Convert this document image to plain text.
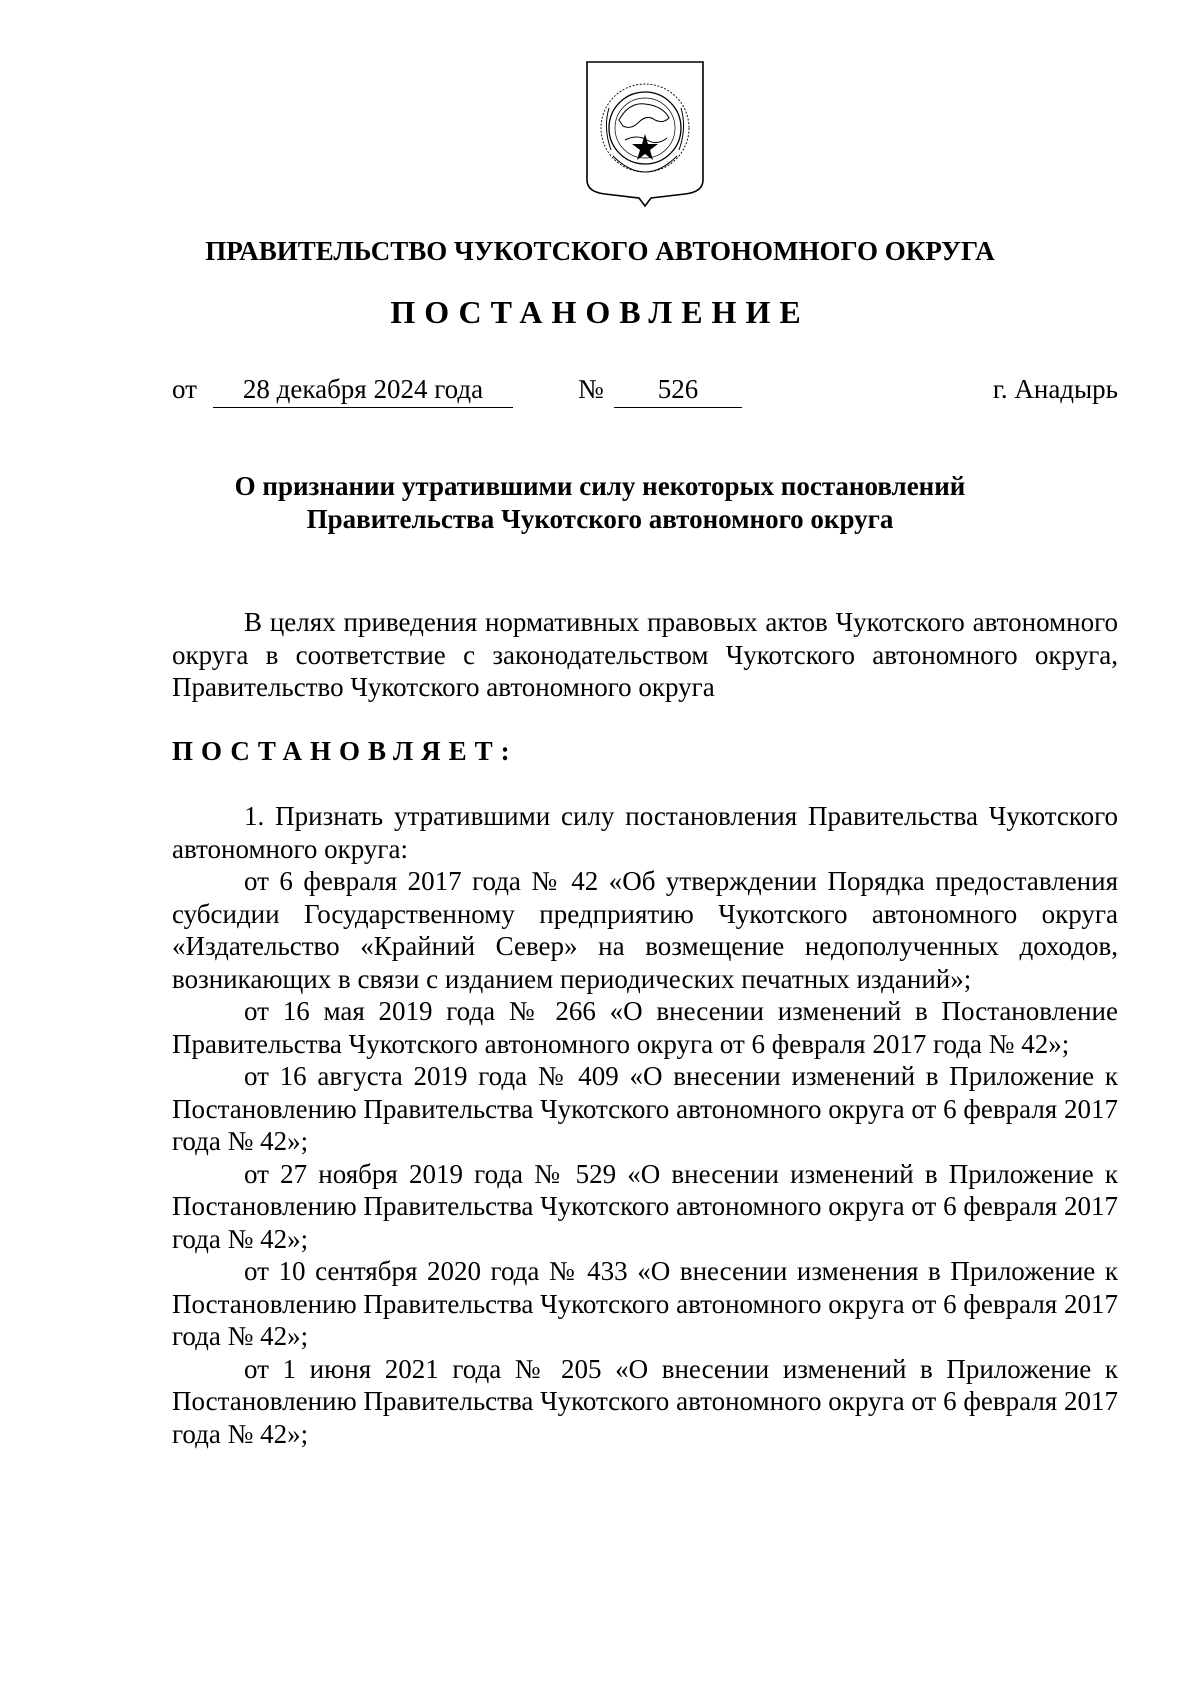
ПРАВИТЕЛЬСТВО ЧУКОТСКОГО АВТОНОМНОГО ОКРУГА
ПОСТАНОВЛЕНИЕ
от	28 декабря 2024 года	№	526	г. Анадырь
О признании утратившими силу некоторых постановлений
Правительства Чукотского автономного округа

В целях приведения нормативных правовых актов Чукотского автономного округа в соответствие с законодательством Чукотского автономного округа, Правительство Чукотского автономного округа

ПОСТАНОВЛЯЕТ:

1. Признать утратившими силу постановления Правительства Чукотского автономного округа:

от 6 февраля 2017 года № 42 «Об утверждении Порядка предоставления субсидии Государственному предприятию Чукотского автономного округа «Издательство «Крайний Север» на возмещение недополученных доходов, возникающих в связи с изданием периодических печатных изданий»;

от 16 мая 2019 года № 266 «О внесении изменений в Постановление Правительства Чукотского автономного округа от 6 февраля 2017 года № 42»;

от 16 августа 2019 года № 409 «О внесении изменений в Приложение к Постановлению Правительства Чукотского автономного округа от 6 февраля 2017 года № 42»;

от 27 ноября 2019 года № 529 «О внесении изменений в Приложение к Постановлению Правительства Чукотского автономного округа от 6 февраля 2017 года № 42»;

от 10 сентября 2020 года № 433 «О внесении изменения в Приложение к Постановлению Правительства Чукотского автономного округа от 6 февраля 2017 года № 42»;

от 1 июня 2021 года № 205 «О внесении изменений в Приложение к Постановлению Правительства Чукотского автономного округа от 6 февраля 2017 года № 42»;
